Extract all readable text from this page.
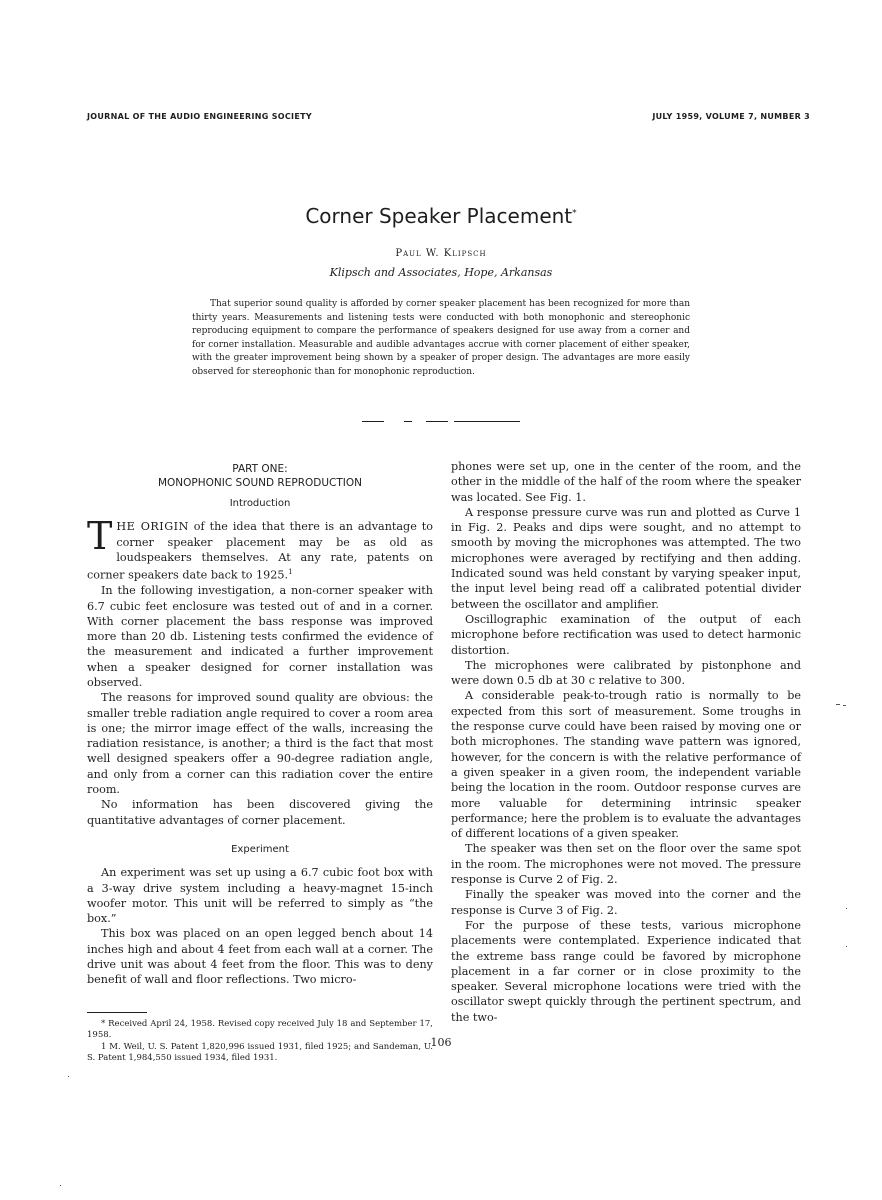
JOURNAL OF THE AUDIO ENGINEERING SOCIETY	JULY 1959, VOLUME 7, NUMBER 3
Corner Speaker Placement*
Paul W. Klipsch
Klipsch and Associates, Hope, Arkansas

That superior sound quality is afforded by corner speaker placement has been recognized for more than thirty years. Measurements and listening tests were conducted with both monophonic and stereophonic reproducing equipment to compare the performance of speakers designed for use away from a corner and for corner installation. Measurable and audible advantages accrue with corner placement of either speaker, with the greater improvement being shown by a speaker of proper design. The advantages are more easily observed for stereophonic than for monophonic reproduction.

PART ONE:
MONOPHONIC SOUND REPRODUCTION
Introduction

THE ORIGIN of the idea that there is an advantage to corner speaker placement may be as old as loudspeakers themselves. At any rate, patents on corner speakers date back to 1925.$^1$

In the following investigation, a non-corner speaker with 6.7 cubic feet enclosure was tested out of and in a corner. With corner placement the bass response was improved more than 20 db. Listening tests confirmed the evidence of the measurement and indicated a further improvement when a speaker designed for corner installation was observed.

The reasons for improved sound quality are obvious: the smaller treble radiation angle required to cover a room area is one; the mirror image effect of the walls, increasing the radiation resistance, is another; a third is the fact that most well designed speakers offer a 90-degree radiation angle, and only from a corner can this radiation cover the entire room.

No information has been discovered giving the quantitative advantages of corner placement.

Experiment

An experiment was set up using a 6.7 cubic foot box with a 3-way drive system including a heavy-magnet 15-inch woofer motor. This unit will be referred to simply as “the box.”

This box was placed on an open legged bench about 14 inches high and about 4 feet from each wall at a corner. The drive unit was about 4 feet from the floor. This was to deny benefit of wall and floor reflections. Two micro-

* Received April 24, 1958. Revised copy received July 18 and September 17, 1958.

1 M. Weil, U. S. Patent 1,820,996 issued 1931, filed 1925; and Sandeman, U. S. Patent 1,984,550 issued 1934, filed 1931.

phones were set up, one in the center of the room, and the other in the middle of the half of the room where the speaker was located. See Fig. 1.

A response pressure curve was run and plotted as Curve 1 in Fig. 2. Peaks and dips were sought, and no attempt to smooth by moving the microphones was attempted. The two microphones were averaged by rectifying and then adding. Indicated sound was held constant by varying speaker input, the input level being read off a calibrated potential divider between the oscillator and amplifier.

Oscillographic examination of the output of each microphone before rectification was used to detect harmonic distortion.

The microphones were calibrated by pistonphone and were down 0.5 db at 30 c relative to 300.

A considerable peak-to-trough ratio is normally to be expected from this sort of measurement. Some troughs in the response curve could have been raised by moving one or both microphones. The standing wave pattern was ignored, however, for the concern is with the relative performance of a given speaker in a given room, the independent variable being the location in the room. Outdoor response curves are more valuable for determining intrinsic speaker performance; here the problem is to evaluate the advantages of different locations of a given speaker.

The speaker was then set on the floor over the same spot in the room. The microphones were not moved. The pressure response is Curve 2 of Fig. 2.

Finally the speaker was moved into the corner and the response is Curve 3 of Fig. 2.

For the purpose of these tests, various microphone placements were contemplated. Experience indicated that the extreme bass range could be favored by microphone placement in a far corner or in close proximity to the speaker. Several microphone locations were tried with the oscillator swept quickly through the pertinent spectrum, and the two-

106
